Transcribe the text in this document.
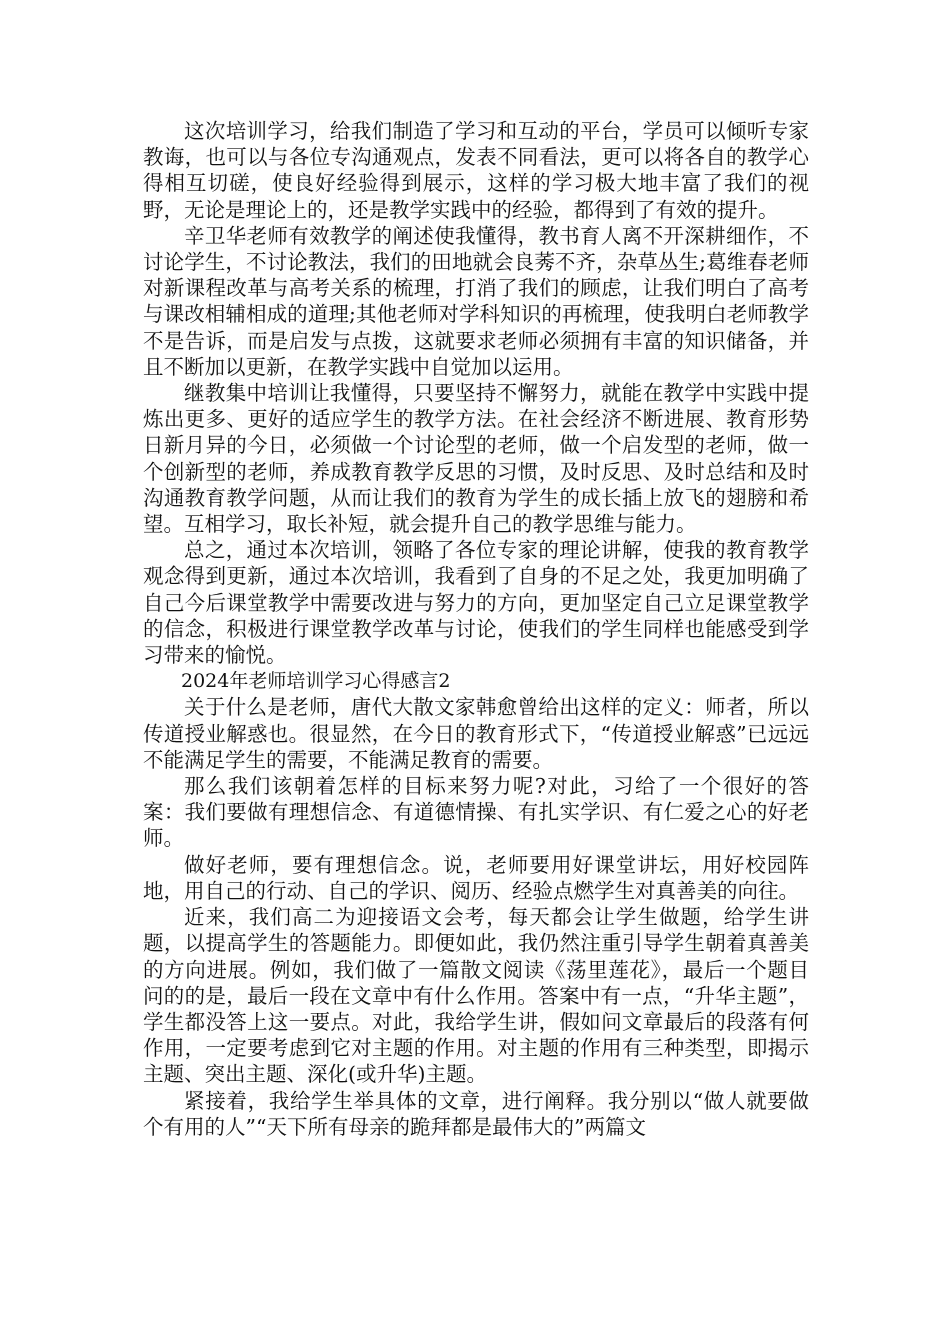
这次培训学习，给我们制造了学习和互动的平台，学员可以倾听专家教诲，也可以与各位专沟通观点，发表不同看法，更可以将各自的教学心得相互切磋，使良好经验得到展示，这样的学习极大地丰富了我们的视野，无论是理论上的，还是教学实践中的经验，都得到了有效的提升。

辛卫华老师有效教学的阐述使我懂得，教书育人离不开深耕细作，不讨论学生，不讨论教法，我们的田地就会良莠不齐，杂草丛生;葛维春老师对新课程改革与高考关系的梳理，打消了我们的顾虑，让我们明白了高考与课改相辅相成的道理;其他老师对学科知识的再梳理，使我明白老师教学不是告诉，而是启发与点拨，这就要求老师必须拥有丰富的知识储备，并且不断加以更新，在教学实践中自觉加以运用。

继教集中培训让我懂得，只要坚持不懈努力，就能在教学中实践中提炼出更多、更好的适应学生的教学方法。在社会经济不断进展、教育形势日新月异的今日，必须做一个讨论型的老师，做一个启发型的老师，做一个创新型的老师，养成教育教学反思的习惯，及时反思、及时总结和及时沟通教育教学问题，从而让我们的教育为学生的成长插上放飞的翅膀和希望。互相学习，取长补短，就会提升自己的教学思维与能力。

总之，通过本次培训，领略了各位专家的理论讲解，使我的教育教学观念得到更新，通过本次培训，我看到了自身的不足之处，我更加明确了自己今后课堂教学中需要改进与努力的方向，更加坚定自己立足课堂教学的信念，积极进行课堂教学改革与讨论，使我们的学生同样也能感受到学习带来的愉悦。

2024年老师培训学习心得感言2

关于什么是老师，唐代大散文家韩愈曾给出这样的定义：师者，所以传道授业解惑也。很显然，在今日的教育形式下，“传道授业解惑”已远远不能满足学生的需要，不能满足教育的需要。

那么我们该朝着怎样的目标来努力呢?对此，习给了一个很好的答案：我们要做有理想信念、有道德情操、有扎实学识、有仁爱之心的好老师。

做好老师，要有理想信念。说，老师要用好课堂讲坛，用好校园阵地，用自己的行动、自己的学识、阅历、经验点燃学生对真善美的向往。

近来，我们高二为迎接语文会考，每天都会让学生做题，给学生讲题，以提高学生的答题能力。即便如此，我仍然注重引导学生朝着真善美的方向进展。例如，我们做了一篇散文阅读《荡里莲花》，最后一个题目问的的是，最后一段在文章中有什么作用。答案中有一点，“升华主题”，学生都没答上这一要点。对此，我给学生讲，假如问文章最后的段落有何作用，一定要考虑到它对主题的作用。对主题的作用有三种类型，即揭示主题、突出主题、深化(或升华)主题。

紧接着，我给学生举具体的文章，进行阐释。我分别以“做人就要做个有用的人”“天下所有母亲的跪拜都是最伟大的”两篇文
